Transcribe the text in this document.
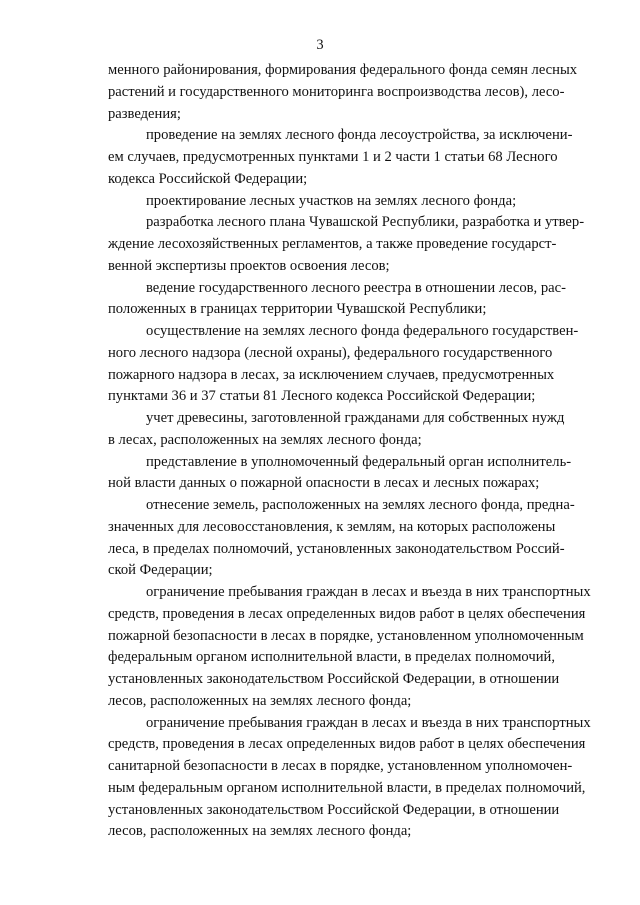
3
менного районирования, формирования федерального фонда семян лесных
растений и государственного мониторинга воспроизводства лесов), лесо-
разведения;
проведение на землях лесного фонда лесоустройства, за исключени-
ем случаев, предусмотренных пунктами 1 и 2 части 1 статьи 68 Лесного
кодекса Российской Федерации;
проектирование лесных участков на землях лесного фонда;
разработка лесного плана Чувашской Республики, разработка и утвер-
ждение лесохозяйственных регламентов, а также проведение государст-
венной экспертизы проектов освоения лесов;
ведение государственного лесного реестра в отношении лесов, рас-
положенных в границах территории Чувашской Республики;
осуществление на землях лесного фонда федерального государствен-
ного лесного надзора (лесной охраны), федерального государственного
пожарного надзора в лесах, за исключением случаев, предусмотренных
пунктами 36 и 37 статьи 81 Лесного кодекса Российской Федерации;
учет древесины, заготовленной гражданами для собственных нужд
в лесах, расположенных на землях лесного фонда;
представление в уполномоченный федеральный орган исполнитель-
ной власти данных о пожарной опасности в лесах и лесных пожарах;
отнесение земель, расположенных на землях лесного фонда, предна-
значенных для лесовосстановления, к землям, на которых расположены
леса, в пределах полномочий, установленных законодательством Россий-
ской Федерации;
ограничение пребывания граждан в лесах и въезда в них транспортных
средств, проведения в лесах определенных видов работ в целях обеспечения
пожарной безопасности в лесах в порядке, установленном уполномоченным
федеральным органом исполнительной власти, в пределах полномочий,
установленных законодательством Российской Федерации, в отношении
лесов, расположенных на землях лесного фонда;
ограничение пребывания граждан в лесах и въезда в них транспортных
средств, проведения в лесах определенных видов работ в целях обеспечения
санитарной безопасности в лесах в порядке, установленном уполномочен-
ным федеральным органом исполнительной власти, в пределах полномочий,
установленных законодательством Российской Федерации, в отношении
лесов, расположенных на землях лесного фонда;
